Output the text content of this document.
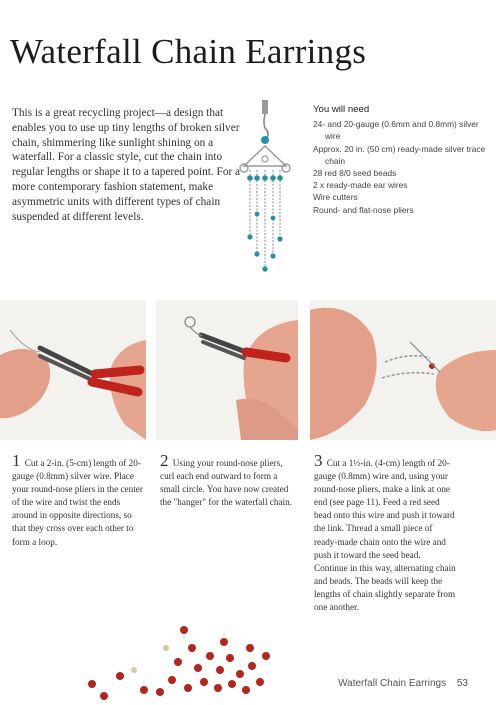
Waterfall Chain Earrings
This is a great recycling project—a design that enables you to use up tiny lengths of broken silver chain, shimmering like sunlight shining on a waterfall. For a classic style, cut the chain into regular lengths or shape it to a tapered point. For a more contemporary fashion statement, make asymmetric units with different types of chain suspended at different levels.
You will need
24- and 20-gauge (0.6mm and 0.8mm) silver wire
Approx. 20 in. (50 cm) ready-made silver trace chain
28 red 8/0 seed beads
2 x ready-made ear wires
Wire cutters
Round- and flat-nose pliers
1 Cut a 2-in. (5-cm) length of 20-gauge (0.8mm) silver wire. Place your round-nose pliers in the center of the wire and twist the ends around in opposite directions, so that they cross over each other to form a loop.
2 Using your round-nose pliers, curl each end outward to form a small circle. You have now created the "hanger" for the waterfall chain.
3 Cut a 1½-in. (4-cm) length of 20-gauge (0.8mm) wire and, using your round-nose pliers, make a link at one end (see page 11). Feed a red seed bead onto this wire and push it toward the link. Thread a small piece of ready-made chain onto the wire and push it toward the seed bead. Continue in this way, alternating chain and beads. The beads will keep the lengths of chain slightly separate from one another.
Waterfall Chain Earrings 53
